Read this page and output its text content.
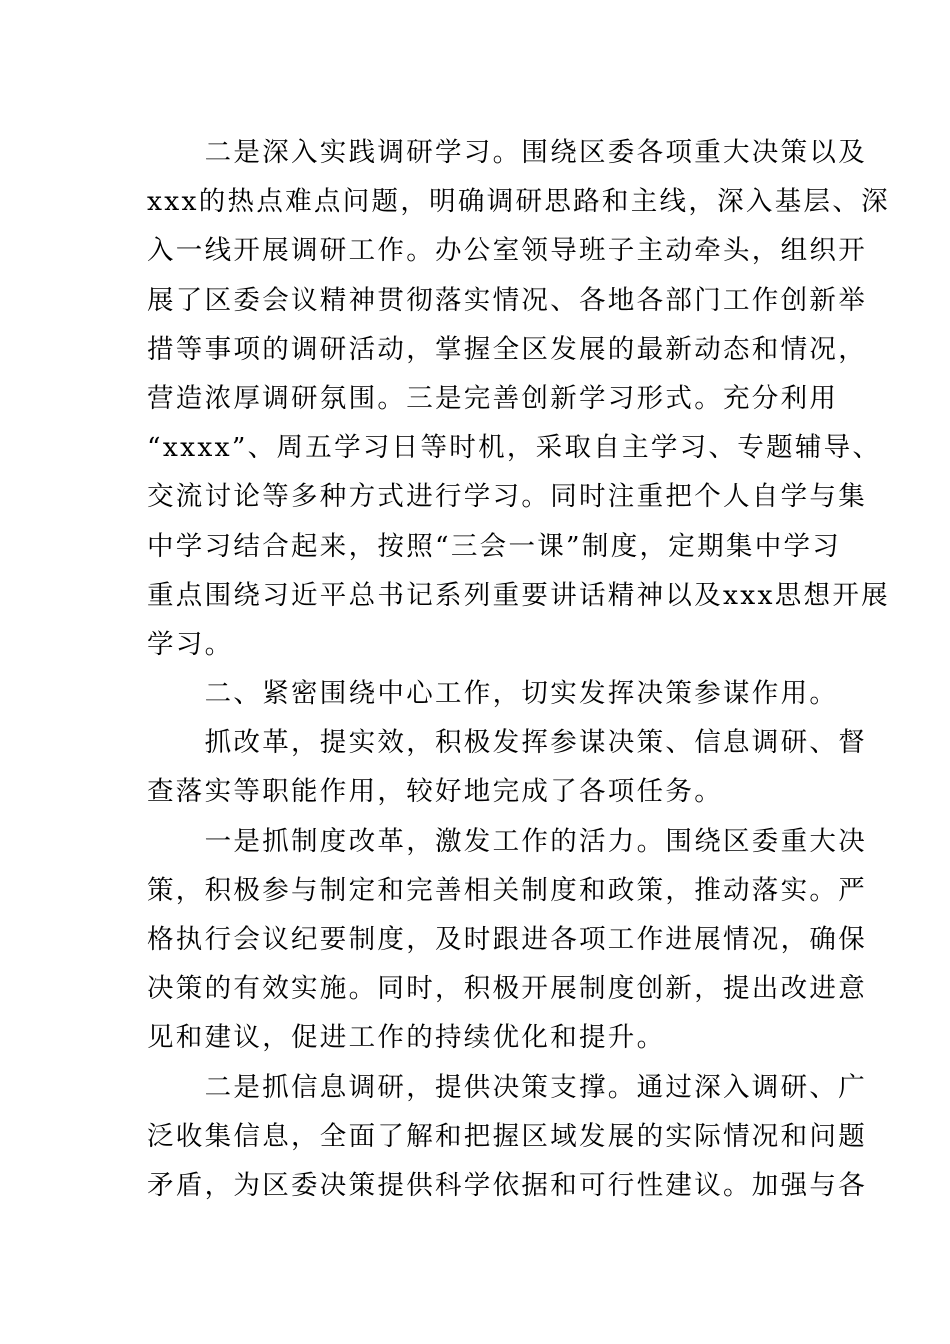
　　二是深入实践调研学习。围绕区委各项重大决策以及
xxx的热点难点问题，明确调研思路和主线，深入基层、深
入一线开展调研工作。办公室领导班子主动牵头，组织开
展了区委会议精神贯彻落实情况、各地各部门工作创新举
措等事项的调研活动，掌握全区发展的最新动态和情况，
营造浓厚调研氛围。三是完善创新学习形式。充分利用
“xxxx”、周五学习日等时机，采取自主学习、专题辅导、
交流讨论等多种方式进行学习。同时注重把个人自学与集
中学习结合起来，按照“三会一课”制度，定期集中学习
重点围绕习近平总书记系列重要讲话精神以及xxx思想开展
学习。
　　二、紧密围绕中心工作，切实发挥决策参谋作用。
　　抓改革，提实效，积极发挥参谋决策、信息调研、督
查落实等职能作用，较好地完成了各项任务。
　　一是抓制度改革，激发工作的活力。围绕区委重大决
策，积极参与制定和完善相关制度和政策，推动落实。严
格执行会议纪要制度，及时跟进各项工作进展情况，确保
决策的有效实施。同时，积极开展制度创新，提出改进意
见和建议，促进工作的持续优化和提升。
　　二是抓信息调研，提供决策支撑。通过深入调研、广
泛收集信息，全面了解和把握区域发展的实际情况和问题
矛盾，为区委决策提供科学依据和可行性建议。加强与各
